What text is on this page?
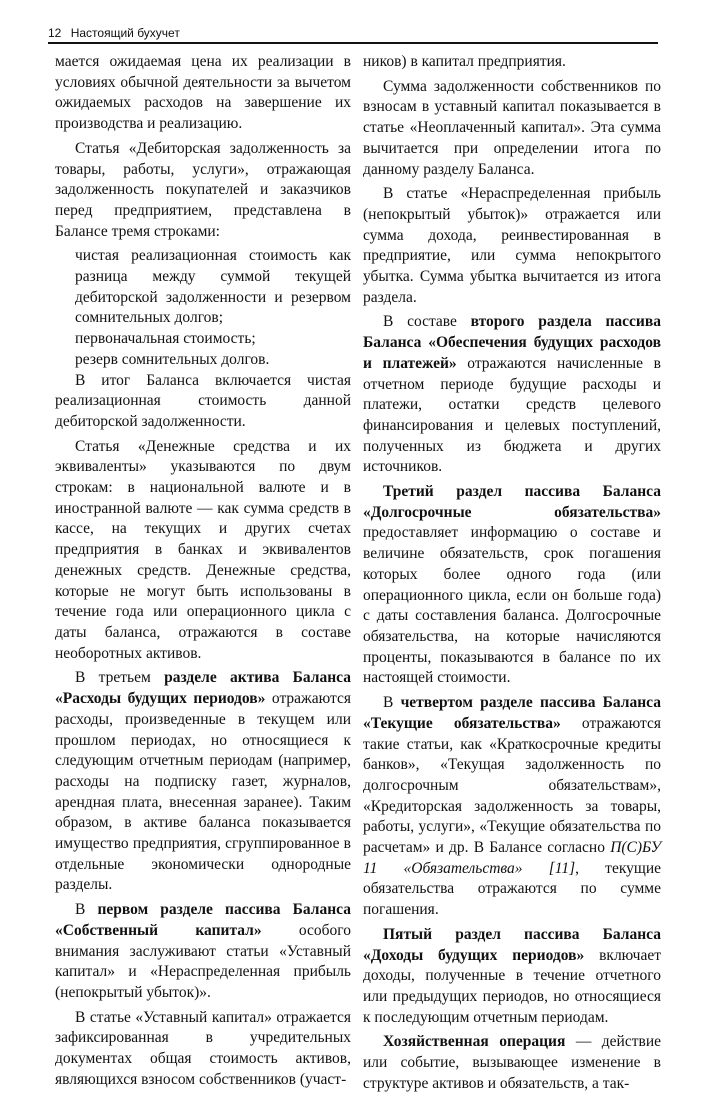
12 Настоящий бухучет

мается ожидаемая цена их реализации в условиях обычной деятельности за вычетом ожидаемых расходов на завершение их производства и реализацию.

Статья «Дебиторская задолженность за товары, работы, услуги», отражающая задолженность покупателей и заказчиков перед предприятием, представлена в Балансе тремя строками:

чистая реализационная стоимость как разница между суммой текущей дебиторской задолженности и резервом сомнительных долгов;

первоначальная стоимость;

резерв сомнительных долгов.

В итог Баланса включается чистая реализационная стоимость данной дебиторской задолженности.

Статья «Денежные средства и их эквиваленты» указываются по двум строкам: в национальной валюте и в иностранной валюте — как сумма средств в кассе, на текущих и других счетах предприятия в банках и эквивалентов денежных средств. Денежные средства, которые не могут быть использованы в течение года или операционного цикла с даты баланса, отражаются в составе необоротных активов.

В третьем разделе актива Баланса «Расходы будущих периодов» отражаются расходы, произведенные в текущем или прошлом периодах, но относящиеся к следующим отчетным периодам (например, расходы на подписку газет, журналов, арендная плата, внесенная заранее). Таким образом, в активе баланса показывается имущество предприятия, сгруппированное в отдельные экономически однородные разделы.

В первом разделе пассива Баланса «Собственный капитал» особого внимания заслуживают статьи «Уставный капитал» и «Нераспределенная прибыль (непокрытый убыток)».

В статье «Уставный капитал» отражается зафиксированная в учредительных документах общая стоимость активов, являющихся взносом собственников (участ-

ников) в капитал предприятия.

Сумма задолженности собственников по взносам в уставный капитал показывается в статье «Неоплаченный капитал». Эта сумма вычитается при определении итога по данному разделу Баланса.

В статье «Нераспределенная прибыль (непокрытый убыток)» отражается или сумма дохода, реинвестированная в предприятие, или сумма непокрытого убытка. Сумма убытка вычитается из итога раздела.

В составе второго раздела пассива Баланса «Обеспечения будущих расходов и платежей» отражаются начисленные в отчетном периоде будущие расходы и платежи, остатки средств целевого финансирования и целевых поступлений, полученных из бюджета и других источников.

Третий раздел пассива Баланса «Долгосрочные обязательства» предоставляет информацию о составе и величине обязательств, срок погашения которых более одного года (или операционного цикла, если он больше года) с даты составления баланса. Долгосрочные обязательства, на которые начисляются проценты, показываются в балансе по их настоящей стоимости.

В четвертом разделе пассива Баланса «Текущие обязательства» отражаются такие статьи, как «Краткосрочные кредиты банков», «Текущая задолженность по долгосрочным обязательствам», «Кредиторская задолженность за товары, работы, услуги», «Текущие обязательства по расчетам» и др. В Балансе согласно П(С)БУ 11 «Обязательства» [11], текущие обязательства отражаются по сумме погашения.

Пятый раздел пассива Баланса «Доходы будущих периодов» включает доходы, полученные в течение отчетного или предыдущих периодов, но относящиеся к последующим отчетным периодам.

Хозяйственная операция — действие или событие, вызывающее изменение в структуре активов и обязательств, а так-
